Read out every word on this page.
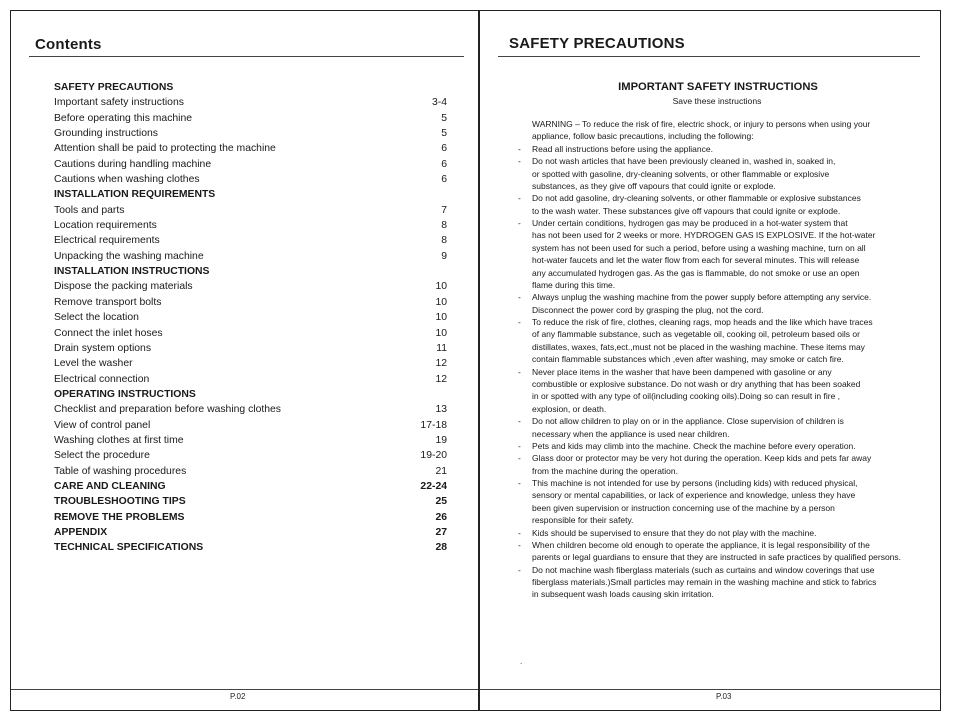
Contents
SAFETY PRECAUTIONS
Important safety instructions	3-4
Before operating this machine	5
Grounding instructions	5
Attention shall be paid to protecting the machine	6
Cautions during handling machine	6
Cautions when washing clothes	6
INSTALLATION REQUIREMENTS
Tools and parts	7
Location requirements	8
Electrical requirements	8
Unpacking the washing machine	9
INSTALLATION INSTRUCTIONS
Dispose the packing materials	10
Remove transport bolts	10
Select the location	10
Connect the inlet hoses	10
Drain system options	11
Level the washer	12
Electrical connection	12
OPERATING INSTRUCTIONS
Checklist and preparation before washing clothes	13
View of control panel	17-18
Washing clothes at first time	19
Select the procedure	19-20
Table of washing procedures	21
CARE AND CLEANING	22-24
TROUBLESHOOTING TIPS	25
REMOVE THE PROBLEMS	26
APPENDIX	27
TECHNICAL SPECIFICATIONS	28
P.02
SAFETY PRECAUTIONS
IMPORTANT SAFETY INSTRUCTIONS
Save these instructions
WARNING – To reduce the risk of fire, electric shock, or injury to persons when using your
appliance, follow basic precautions, including the following:
- Read all instructions before using the appliance.
- Do not wash articles that have been previously cleaned in, washed in, soaked in,
or spotted with gasoline, dry-cleaning solvents, or other flammable or explosive
substances, as they give off vapours that could ignite or explode.
- Do not add gasoline, dry-cleaning solvents, or other flammable or explosive substances
to the wash water. These substances give off vapours that could ignite or explode.
- Under certain conditions, hydrogen gas may be produced in a hot-water system that
has not been used for 2 weeks or more. HYDROGEN GAS IS EXPLOSIVE. If the hot-water
system has not been used for such a period, before using a washing machine, turn on all
hot-water faucets and let the water flow from each for several minutes. This will release
any accumulated hydrogen gas. As the gas is flammable, do not smoke or use an open
flame during this time.
- Always unplug the washing machine from the power supply before attempting any service.
Disconnect the power cord by grasping the plug, not the cord.
- To reduce the risk of fire, clothes, cleaning rags, mop heads and the like which have traces
of any flammable substance, such as vegetable oil, cooking oil, petroleum based oils or
distillates, waxes, fats,ect.,must not be placed in the washing machine. These items may
contain flammable substances which ,even after washing, may smoke or catch fire.
- Never place items in the washer that have been dampened with gasoline or any
combustible or explosive substance. Do not wash or dry anything that has been soaked
in or spotted with any type of oil(including cooking oils).Doing so can result in fire ,
explosion, or death.
- Do not allow children to play on or in the appliance. Close supervision of children is
necessary when the appliance is used near children.
- Pets and kids may climb into the machine. Check the machine before every operation.
- Glass door or protector may be very hot during the operation. Keep kids and pets far away
from the machine during the operation.
- This machine is not intended for use by persons (including kids) with reduced physical,
sensory or mental capabilities, or lack of experience and knowledge, unless they have
been given supervision or instruction concerning use of the machine by a person
responsible for their safety.
- Kids should be supervised to ensure that they do not play with the machine.
- When children become old enough to operate the appliance, it is legal responsibility of the
parents or legal guardians to ensure that they are instructed in safe practices by qualified persons.
- Do not machine wash fiberglass materials (such as curtains and window coverings that use
fiberglass materials.)Small particles may remain in the washing machine and stick to fabrics
in subsequent wash loads causing skin irritation.
.
P.03
